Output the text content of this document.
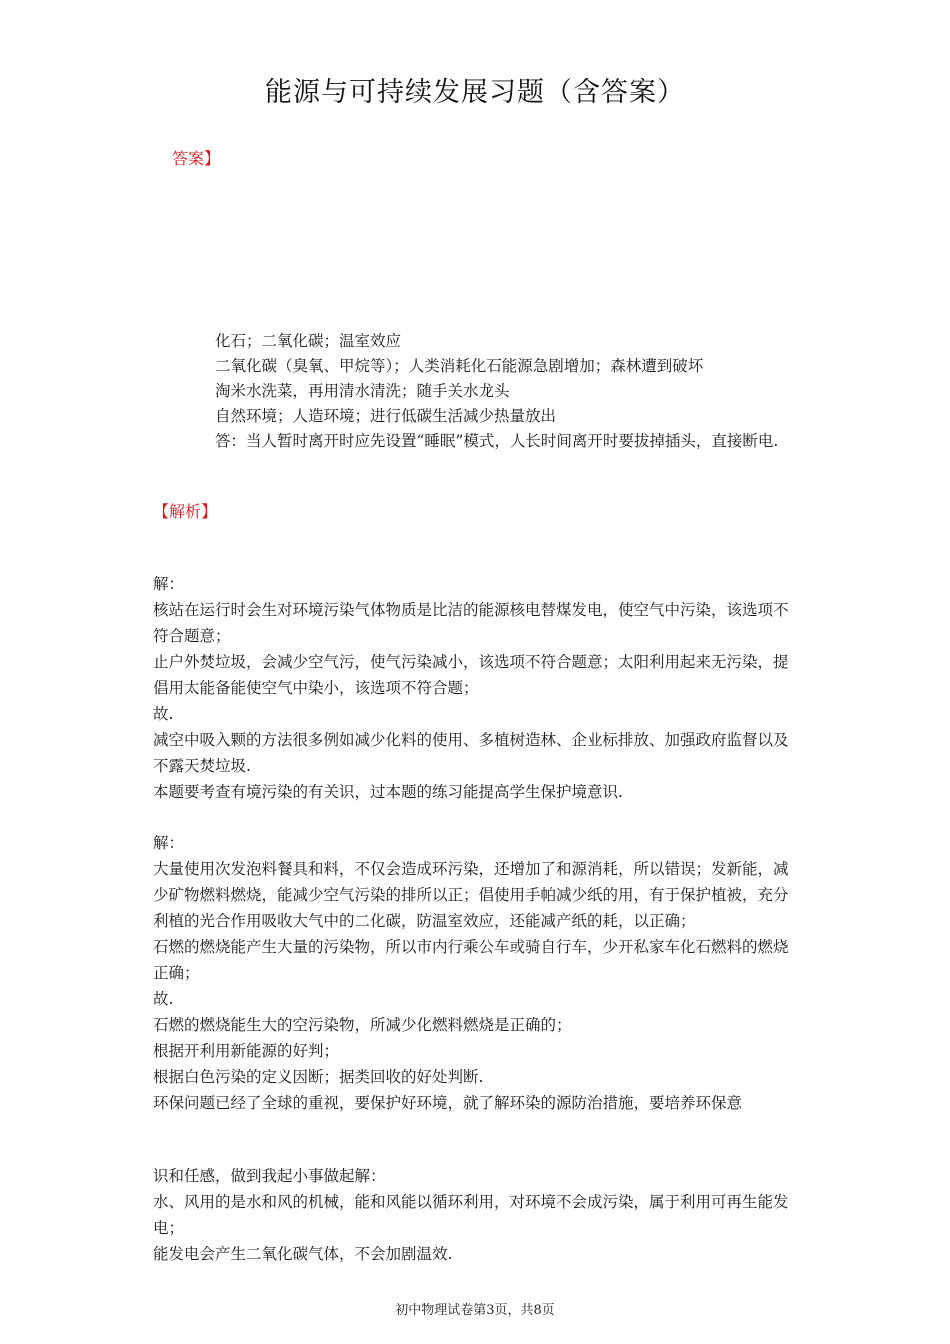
能源与可持续发展习题（含答案）
答案】
化石；二氧化碳；温室效应
二氧化碳（臭氧、甲烷等）；人类消耗化石能源急剧增加；森林遭到破坏
淘米水洗菜，再用清水清洗；随手关水龙头
自然环境；人造环境；进行低碳生活减少热量放出
答：当人暂时离开时应先设置“睡眠”模式，人长时间离开时要拔掉插头，直接断电.
【解析】
解：
核站在运行时会生对环境污染气体物质是比洁的能源核电替煤发电，使空气中污染，该选项不符合题意；
止户外焚垃圾，会减少空气污，使气污染减小，该选项不符合题意；太阳利用起来无污染，提倡用太能备能使空气中染小，该选项不符合题；
故.
减空中吸入颗的方法很多例如减少化料的使用、多植树造林、企业标排放、加强政府监督以及不露天焚垃圾.
本题要考查有境污染的有关识，过本题的练习能提高学生保护境意识.
解：
大量使用次发泡料餐具和料，不仅会造成环污染，还增加了和源消耗，所以错误；发新能，减少矿物燃料燃烧，能减少空气污染的排所以正；倡使用手帕减少纸的用，有于保护植被，充分利植的光合作用吸收大气中的二化碳，防温室效应，还能减产纸的耗，以正确；
石燃的燃烧能产生大量的污染物，所以市内行乘公车或骑自行车，少开私家车化石燃料的燃烧正确；
故.
石燃的燃烧能生大的空污染物，所减少化燃料燃烧是正确的；
根据开利用新能源的好判；
根据白色污染的定义因断；据类回收的好处判断.
环保问题已经了全球的重视，要保护好环境，就了解环染的源防治措施，要培养环保意
识和任感，做到我起小事做起解：
水、风用的是水和风的机械，能和风能以循环利用，对环境不会成污染，属于利用可再生能发电；
能发电会产生二氧化碳气体，不会加剧温效.
初中物理试卷第3页，共8页
